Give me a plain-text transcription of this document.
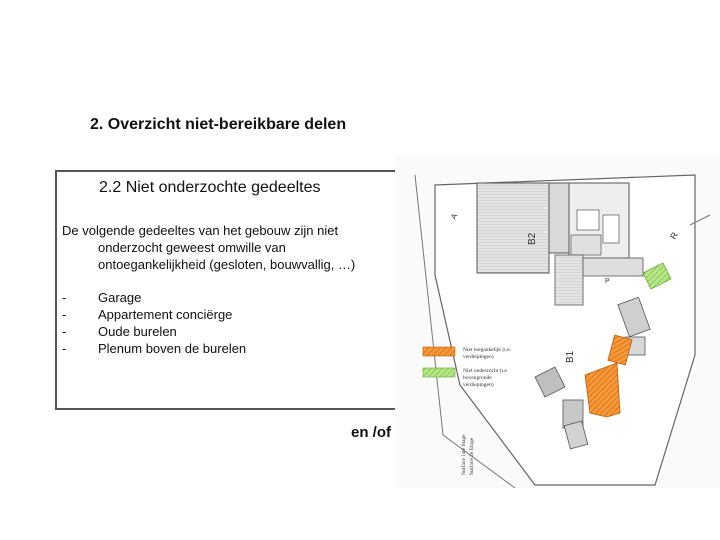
2. Overzicht niet-bereikbare delen
2.2 Niet onderzochte gedeeltes
De volgende gedeeltes van het gebouw zijn niet
onderzocht geweest omwille van
ontoegankelijkheid (gesloten, bouwvallig, …)
- Garage
- Appartement conciërge
- Oude burelen
- Plenum boven de burelen
en /of
B2
A
R
P
Niet toegankelijk (t.e.
verdiepingen)
Niet onderzocht (t.e.
bovengronde
verdiepingen)
B1
Surface 1ste Stage Surface 2e Etage
